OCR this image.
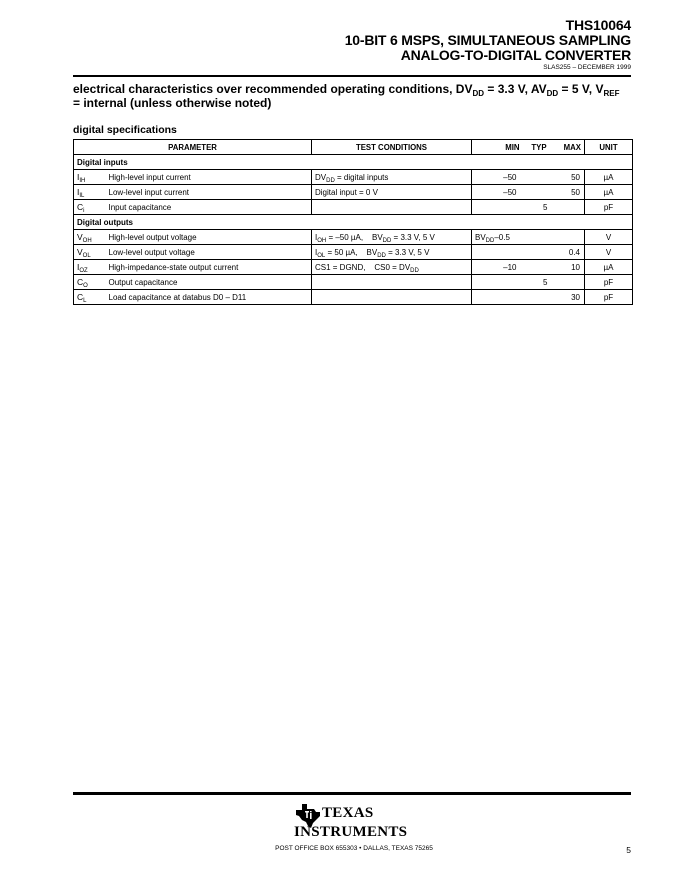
THS10064
10-BIT 6 MSPS, SIMULTANEOUS SAMPLING
ANALOG-TO-DIGITAL CONVERTER
SLAS255 – DECEMBER 1999
electrical characteristics over recommended operating conditions, $DV_{DD} = 3.3$ V, $AV_{DD} = 5$ V, $V_{REF}$
= internal (unless otherwise noted)
digital specifications
PARAMETER		TEST CONDITIONS	MIN	TYP	MAX	UNIT
Digital inputs						
$I_{IH}$	High-level input current	$DV_{DD}$ = digital inputs	–50		50	µA
$I_{IL}$	Low-level input current	Digital input = 0 V	–50		50	µA
$C_i$	Input capacitance			5		pF
Digital outputs						
$V_{OH}$	High-level output voltage	$I_{OH} = -50$ µA, $BV_{DD} = 3.3$ V, 5 V	$BV_{DD}-0.5$			V
$V_{OL}$	Low-level output voltage	$I_{OL} = 50$ µA, $BV_{DD} = 3.3$ V, 5 V			0.4	V
$I_{OZ}$	High-impedance-state output current	CS1 = DGND, $CS0 = DV_{DD}$	–10		10	µA
$C_O$	Output capacitance			5		pF
$C_L$	Load capacitance at databus D0 – D11				30	pF
TEXAS
INSTRUMENTS
POST OFFICE BOX 655303 • DALLAS, TEXAS 75265	5
